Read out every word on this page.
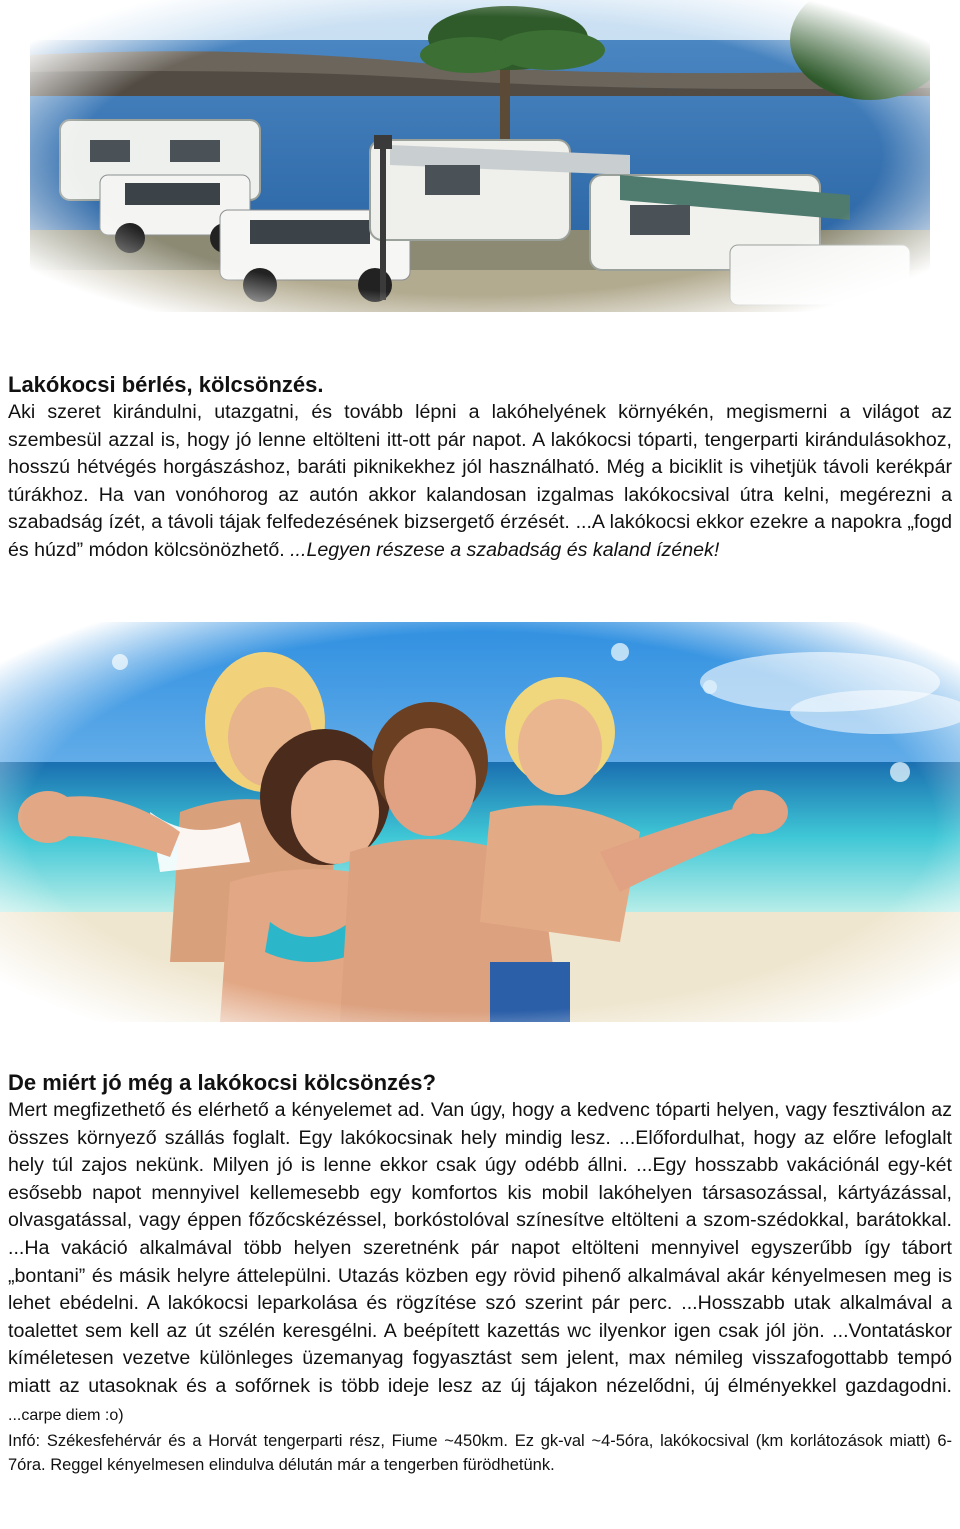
Lakókocsi bérlés, kölcsönzés.

Aki szeret kirándulni, utazgatni, és tovább lépni a lakóhelyének környékén, megismerni a világot az szembesül azzal is, hogy jó lenne eltölteni itt-ott pár napot. A lakókocsi tóparti, tengerparti kirándulásokhoz, hosszú hétvégés horgászáshoz, baráti piknikekhez jól használható. Még a biciklit is vihetjük távoli kerékpár túrákhoz. Ha van vonóhorog az autón akkor kalandosan izgalmas lakókocsival útra kelni, megérezni a szabadság ízét, a távoli tájak felfedezésének bizsergető érzését. ...A lakókocsi ekkor ezekre a napokra „fogd és húzd” módon kölcsönözhető. ...Legyen részese a szabadság és kaland ízének!

De miért jó még a lakókocsi kölcsönzés?

Mert megfizethető és elérhető a kényelemet ad. Van úgy, hogy a kedvenc tóparti helyen, vagy fesztiválon az összes környező szállás foglalt. Egy lakókocsinak hely mindig lesz. ...Előfordulhat, hogy az előre lefoglalt hely túl zajos nekünk. Milyen jó is lenne ekkor csak úgy odébb állni. ...Egy hosszabb vakációnál egy-két esősebb napot mennyivel kellemesebb egy komfortos kis mobil lakóhelyen társasozással, kártyázással, olvasgatással, vagy éppen főzőcskézéssel, borkóstolóval színesítve eltölteni a szom-szédokkal, barátokkal. ...Ha vakáció alkalmával több helyen szeretnénk pár napot eltölteni mennyivel egyszerűbb így tábort „bontani” és másik helyre áttelepülni. Utazás közben egy rövid pihenő alkalmával akár kényelmesen meg is lehet ebédelni. A lakókocsi leparkolása és rögzítése szó szerint pár perc. ...Hosszabb utak alkalmával a toalettet sem kell az út szélén keresgélni. A beépített kazettás wc ilyenkor igen csak jól jön. ...Vontatáskor kíméletesen vezetve különleges üzemanyag fogyasztást sem jelent, max némileg visszafogottabb tempó miatt az utasoknak és a sofőrnek is több ideje lesz az új tájakon nézelődni, új élményekkel gazdagodni. ...carpe diem :o)

Infó: Székesfehérvár és a Horvát tengerparti rész, Fiume ~450km. Ez gk-val ~4-5óra, lakókocsival (km korlátozások miatt) 6-7óra. Reggel kényelmesen elindulva délután már a tengerben fürödhetünk.
